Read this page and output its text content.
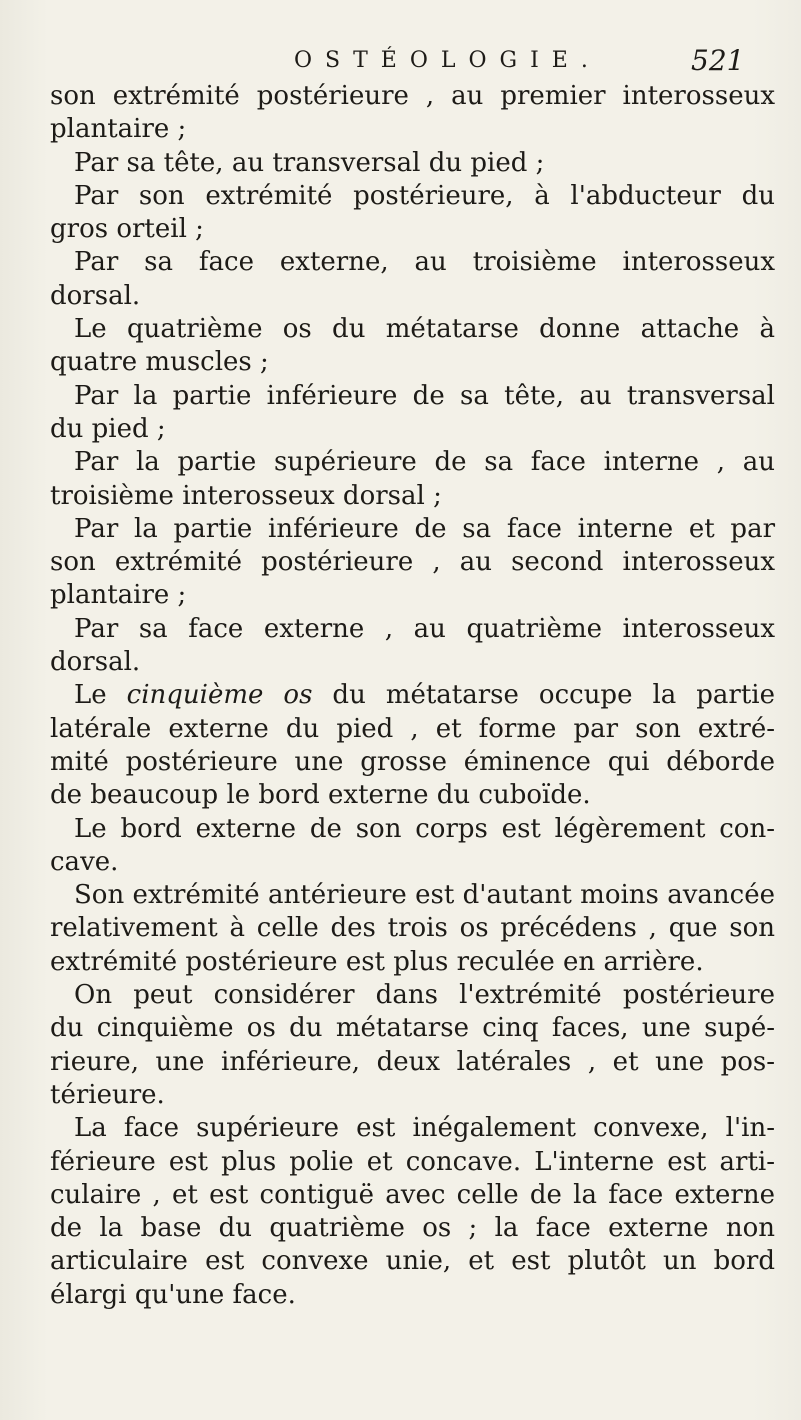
OSTÉOLOGIE.	521
son extrémité postérieure , au premier interosseux
plantaire ;
Par sa tête, au transversal du pied ;
Par son extrémité postérieure, à l'abducteur du
gros orteil ;
Par sa face externe, au troisième interosseux
dorsal.
Le quatrième os du métatarse donne attache à
quatre muscles ;
Par la partie inférieure de sa tête, au transversal
du pied ;
Par la partie supérieure de sa face interne , au
troisième interosseux dorsal ;
Par la partie inférieure de sa face interne et par
son extrémité postérieure , au second interosseux
plantaire ;
Par sa face externe , au quatrième interosseux
dorsal.
Le cinquième os du métatarse occupe la partie
latérale externe du pied , et forme par son extré-
mité postérieure une grosse éminence qui déborde
de beaucoup le bord externe du cuboïde.
Le bord externe de son corps est légèrement con-
cave.
Son extrémité antérieure est d'autant moins avancée
relativement à celle des trois os précédens , que son
extrémité postérieure est plus reculée en arrière.
On peut considérer dans l'extrémité postérieure
du cinquième os du métatarse cinq faces, une supé-
rieure, une inférieure, deux latérales , et une pos-
térieure.
La face supérieure est inégalement convexe, l'in-
férieure est plus polie et concave. L'interne est arti-
culaire , et est contiguë avec celle de la face externe
de la base du quatrième os ; la face externe non
articulaire est convexe unie, et est plutôt un bord
élargi qu'une face.
